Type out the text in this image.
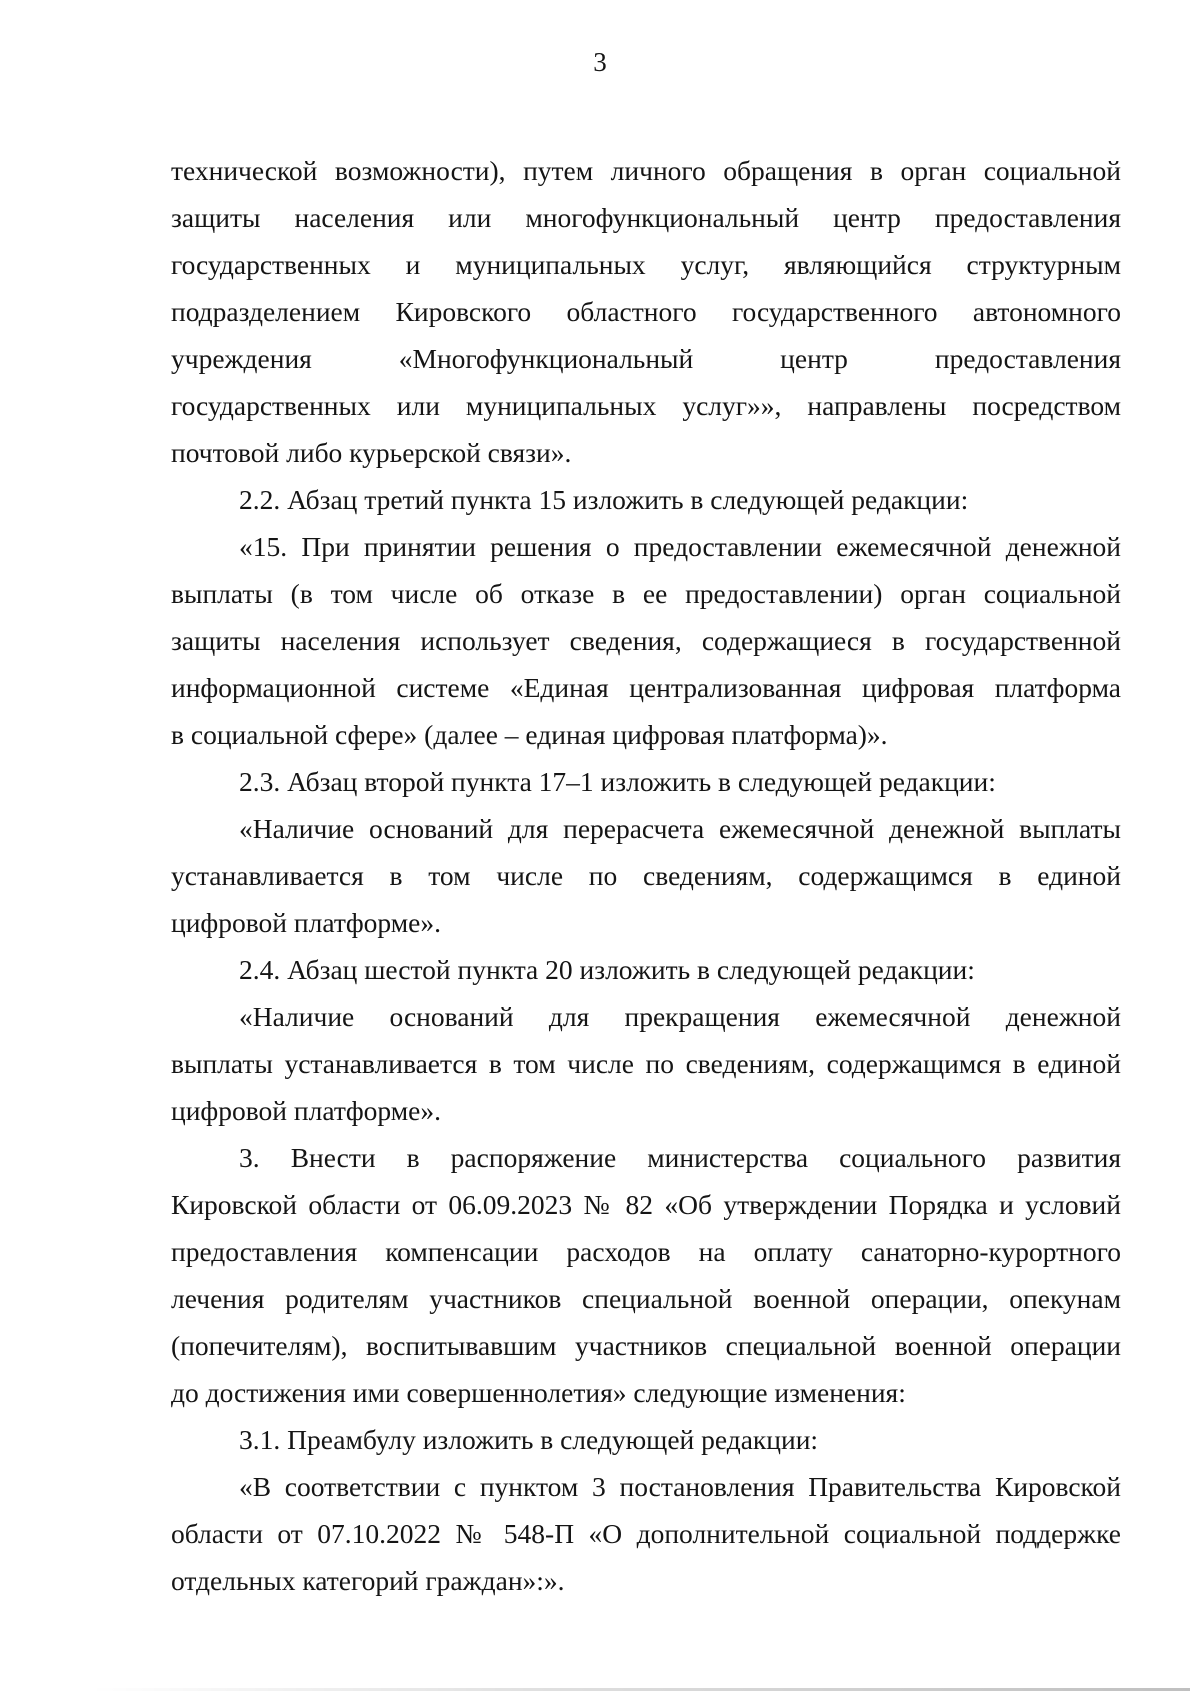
3
технической возможности), путем личного обращения в орган социальной
защиты населения или многофункциональный центр предоставления
государственных и муниципальных услуг, являющийся структурным
подразделением Кировского областного государственного автономного
учреждения «Многофункциональный центр предоставления
государственных или муниципальных услуг»», направлены посредством
почтовой либо курьерской связи».
2.2. Абзац третий пункта 15 изложить в следующей редакции:
«15. При принятии решения о предоставлении ежемесячной денежной
выплаты (в том числе об отказе в ее предоставлении) орган социальной
защиты населения использует сведения, содержащиеся в государственной
информационной системе «Единая централизованная цифровая платформа
в социальной сфере» (далее – единая цифровая платформа)».
2.3. Абзац второй пункта 17–1 изложить в следующей редакции:
«Наличие оснований для перерасчета ежемесячной денежной выплаты
устанавливается в том числе по сведениям, содержащимся в единой
цифровой платформе».
2.4. Абзац шестой пункта 20 изложить в следующей редакции:
«Наличие оснований для прекращения ежемесячной денежной
выплаты устанавливается в том числе по сведениям, содержащимся в единой
цифровой платформе».
3. Внести в распоряжение министерства социального развития
Кировской области от 06.09.2023 № 82 «Об утверждении Порядка и условий
предоставления компенсации расходов на оплату санаторно-курортного
лечения родителям участников специальной военной операции, опекунам
(попечителям), воспитывавшим участников специальной военной операции
до достижения ими совершеннолетия» следующие изменения:
3.1. Преамбулу изложить в следующей редакции:
«В соответствии с пунктом 3 постановления Правительства Кировской
области от 07.10.2022 № 548-П «О дополнительной социальной поддержке
отдельных категорий граждан»:».
